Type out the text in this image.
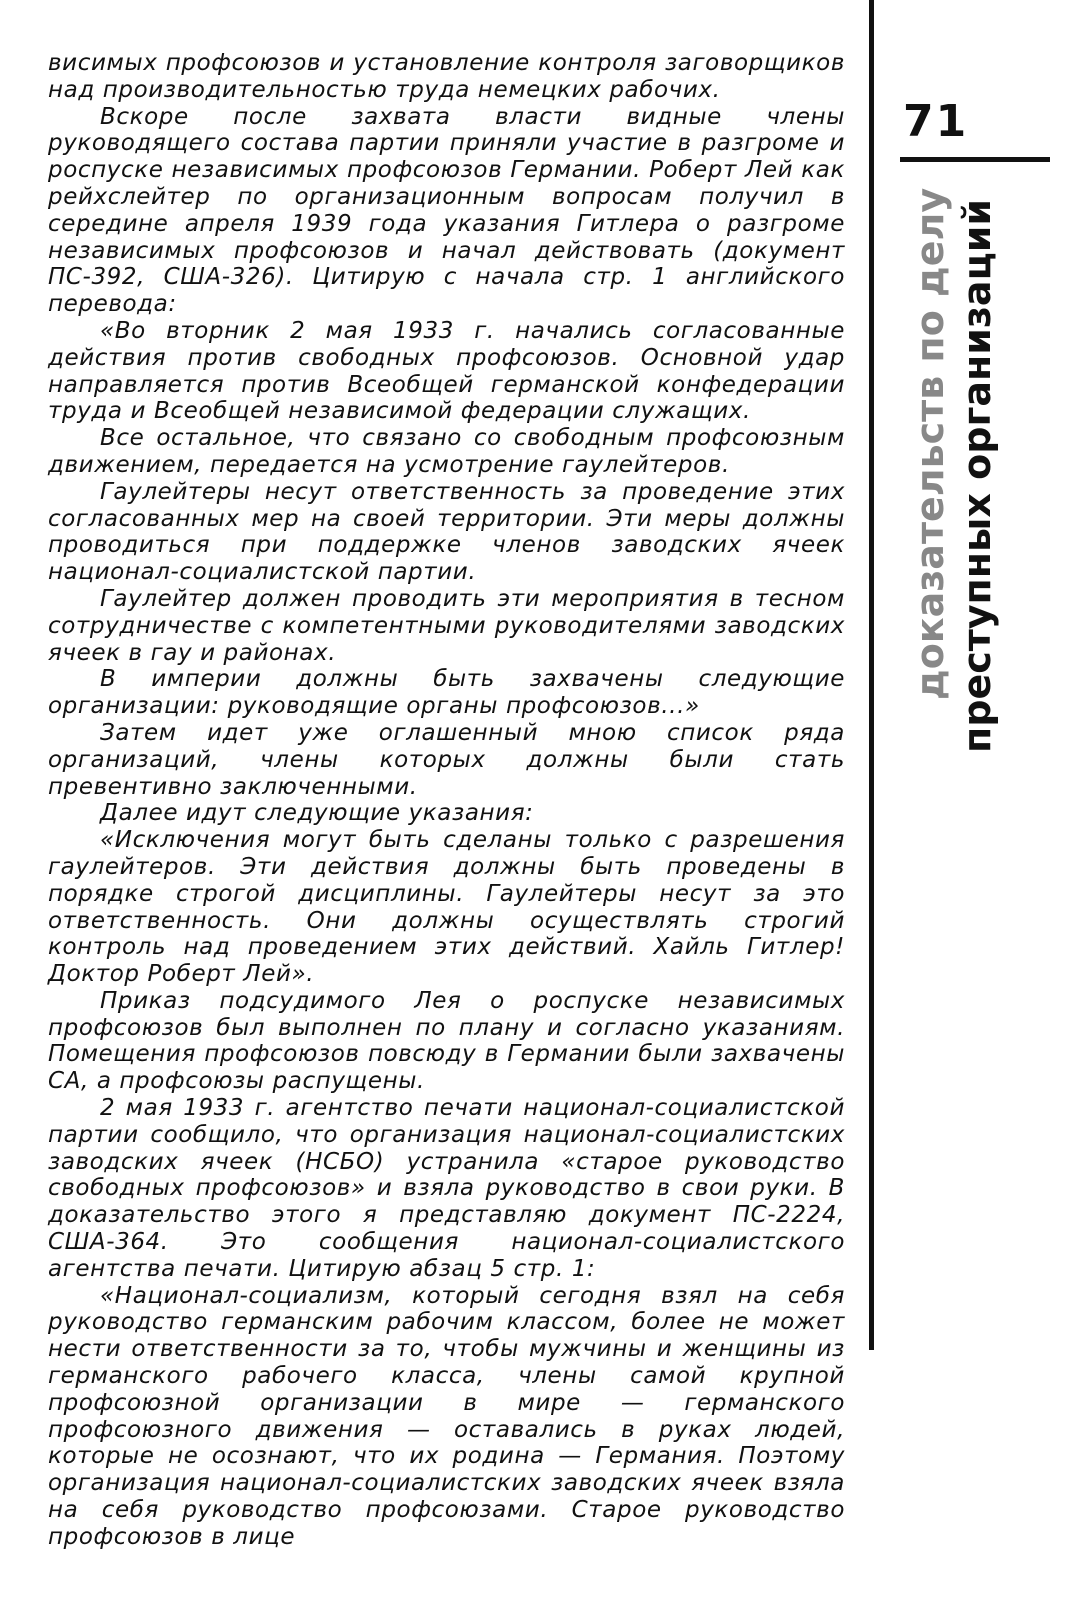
висимых профсоюзов и установление контроля заговорщиков над производительностью труда немецких рабочих.

Вскоре после захвата власти видные члены руководящего состава партии приняли участие в разгроме и роспуске независимых профсоюзов Германии. Роберт Лей как рейхслейтер по организационным вопросам получил в середине апреля 1939 года указания Гитлера о разгроме независимых профсоюзов и начал действовать (документ ПС-392, США-326). Цитирую с начала стр. 1 английского перевода:

«Во вторник 2 мая 1933 г. начались согласованные действия против свободных профсоюзов. Основной удар направляется против Всеобщей германской конфедерации труда и Всеобщей независимой федерации служащих.

Все остальное, что связано со свободным профсоюзным движением, передается на усмотрение гаулейтеров.

Гаулейтеры несут ответственность за проведение этих согласованных мер на своей территории. Эти меры должны проводиться при поддержке членов заводских ячеек национал-социалистской партии.

Гаулейтер должен проводить эти мероприятия в тесном сотрудничестве с компетентными руководителями заводских ячеек в гау и районах.

В империи должны быть захвачены следующие организации: руководящие органы профсоюзов...»

Затем идет уже оглашенный мною список ряда организаций, члены которых должны были стать превентивно заключенными.

Далее идут следующие указания:

«Исключения могут быть сделаны только с разрешения гаулейтеров. Эти действия должны быть проведены в порядке строгой дисциплины. Гаулейтеры несут за это ответственность. Они должны осуществлять строгий контроль над проведением этих действий. Хайль Гитлер! Доктор Роберт Лей».

Приказ подсудимого Лея о роспуске независимых профсоюзов был выполнен по плану и согласно указаниям. Помещения профсоюзов повсюду в Германии были захвачены СА, а профсоюзы распущены.

2 мая 1933 г. агентство печати национал-социалистской партии сообщило, что организация национал-социалистских заводских ячеек (НСБО) устранила «старое руководство свободных профсоюзов» и взяла руководство в свои руки. В доказательство этого я представляю документ ПС-2224, США-364. Это сообщения национал-социалистского агентства печати. Цитирую абзац 5 стр. 1:

«Национал-социализм, который сегодня взял на себя руководство германским рабочим классом, более не может нести ответственности за то, чтобы мужчины и женщины из германского рабочего класса, члены самой крупной профсоюзной организации в мире — германского профсоюзного движения — оставались в руках людей, которые не осознают, что их родина — Германия. Поэтому организация национал-социалистских заводских ячеек взяла на себя руководство профсоюзами. Старое руководство профсоюзов в лице

71
доказательств по делу преступных организаций
